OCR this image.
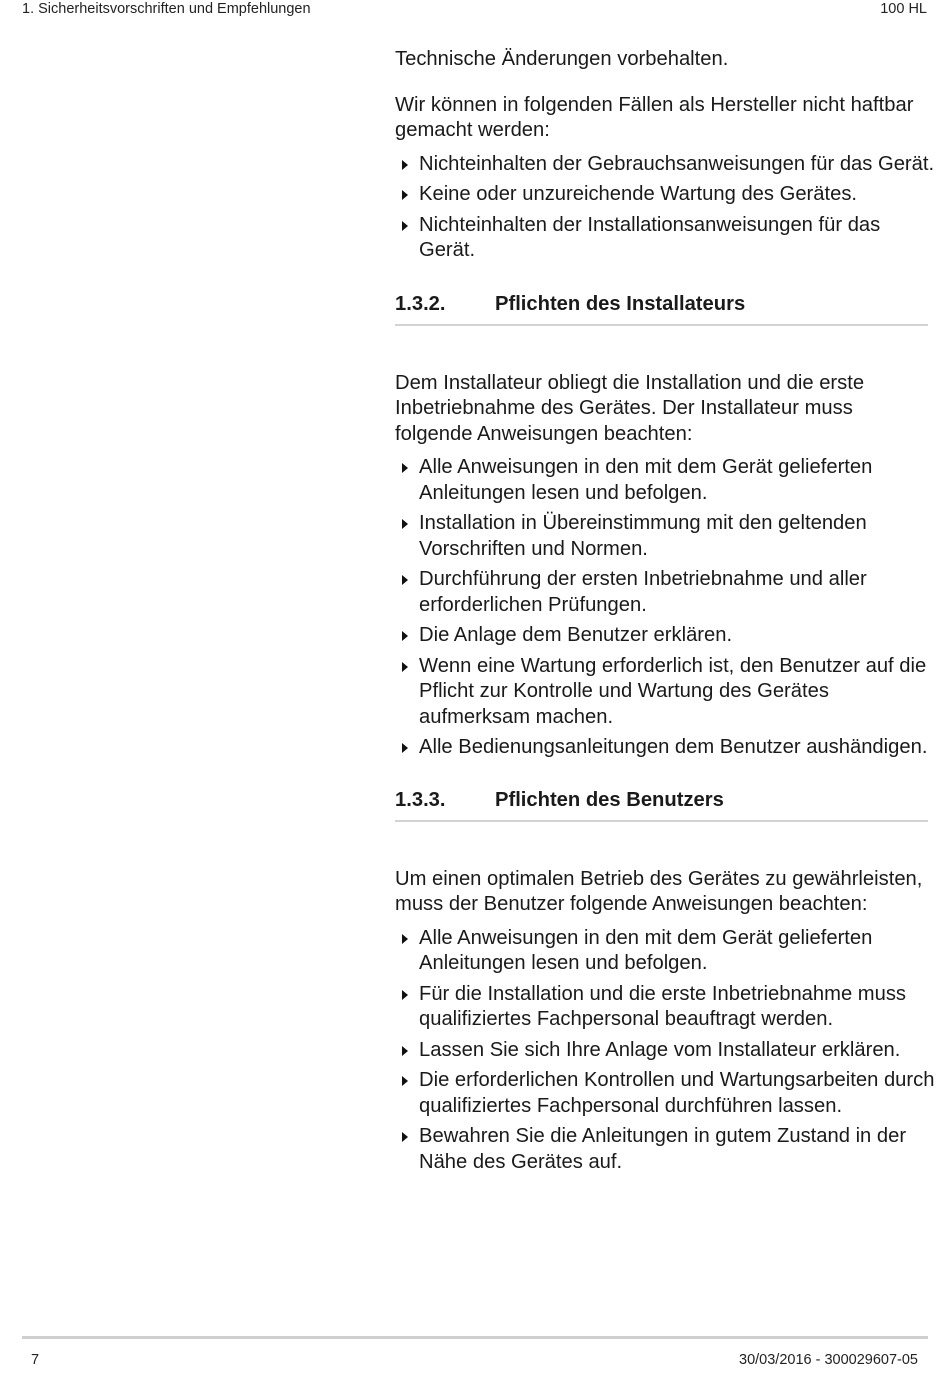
1. Sicherheitsvorschriften und Empfehlungen	100 HL

Technische Änderungen vorbehalten.

Wir können in folgenden Fällen als Hersteller nicht haftbar gemacht werden:

Nichteinhalten der Gebrauchsanweisungen für das Gerät.
Keine oder unzureichende Wartung des Gerätes.
Nichteinhalten der Installationsanweisungen für das Gerät.
1.3.2.	Pflichten des Installateurs

Dem Installateur obliegt die Installation und die erste Inbetriebnahme des Gerätes. Der Installateur muss folgende Anweisungen beachten:

Alle Anweisungen in den mit dem Gerät gelieferten Anleitungen lesen und befolgen.
Installation in Übereinstimmung mit den geltenden Vorschriften und Normen.
Durchführung der ersten Inbetriebnahme und aller erforderlichen Prüfungen.
Die Anlage dem Benutzer erklären.
Wenn eine Wartung erforderlich ist, den Benutzer auf die Pflicht zur Kontrolle und Wartung des Gerätes aufmerksam machen.
Alle Bedienungsanleitungen dem Benutzer aushändigen.
1.3.3.	Pflichten des Benutzers

Um einen optimalen Betrieb des Gerätes zu gewährleisten, muss der Benutzer folgende Anweisungen beachten:

Alle Anweisungen in den mit dem Gerät gelieferten Anleitungen lesen und befolgen.
Für die Installation und die erste Inbetriebnahme muss qualifiziertes Fachpersonal beauftragt werden.
Lassen Sie sich Ihre Anlage vom Installateur erklären.
Die erforderlichen Kontrollen und Wartungsarbeiten durch qualifiziertes Fachpersonal durchführen lassen.
Bewahren Sie die Anleitungen in gutem Zustand in der Nähe des Gerätes auf.
7	30/03/2016 - 300029607-05
